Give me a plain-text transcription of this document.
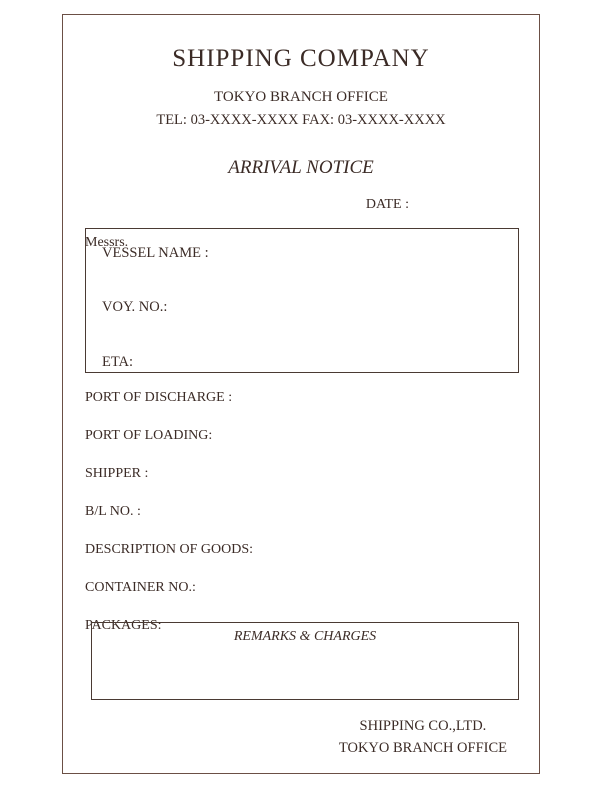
SHIPPING COMPANY
TOKYO BRANCH OFFICE
TEL: 03-XXXX-XXXX FAX: 03-XXXX-XXXX
ARRIVAL NOTICE
DATE :
Messrs.
VESSEL NAME :
VOY. NO.:
ETA:
PORT OF DISCHARGE :
PORT OF LOADING:
SHIPPER :
B/L NO. :
DESCRIPTION OF GOODS:
CONTAINER NO.:
PACKAGES:
REMARKS & CHARGES
SHIPPING CO.,LTD.
TOKYO BRANCH OFFICE
